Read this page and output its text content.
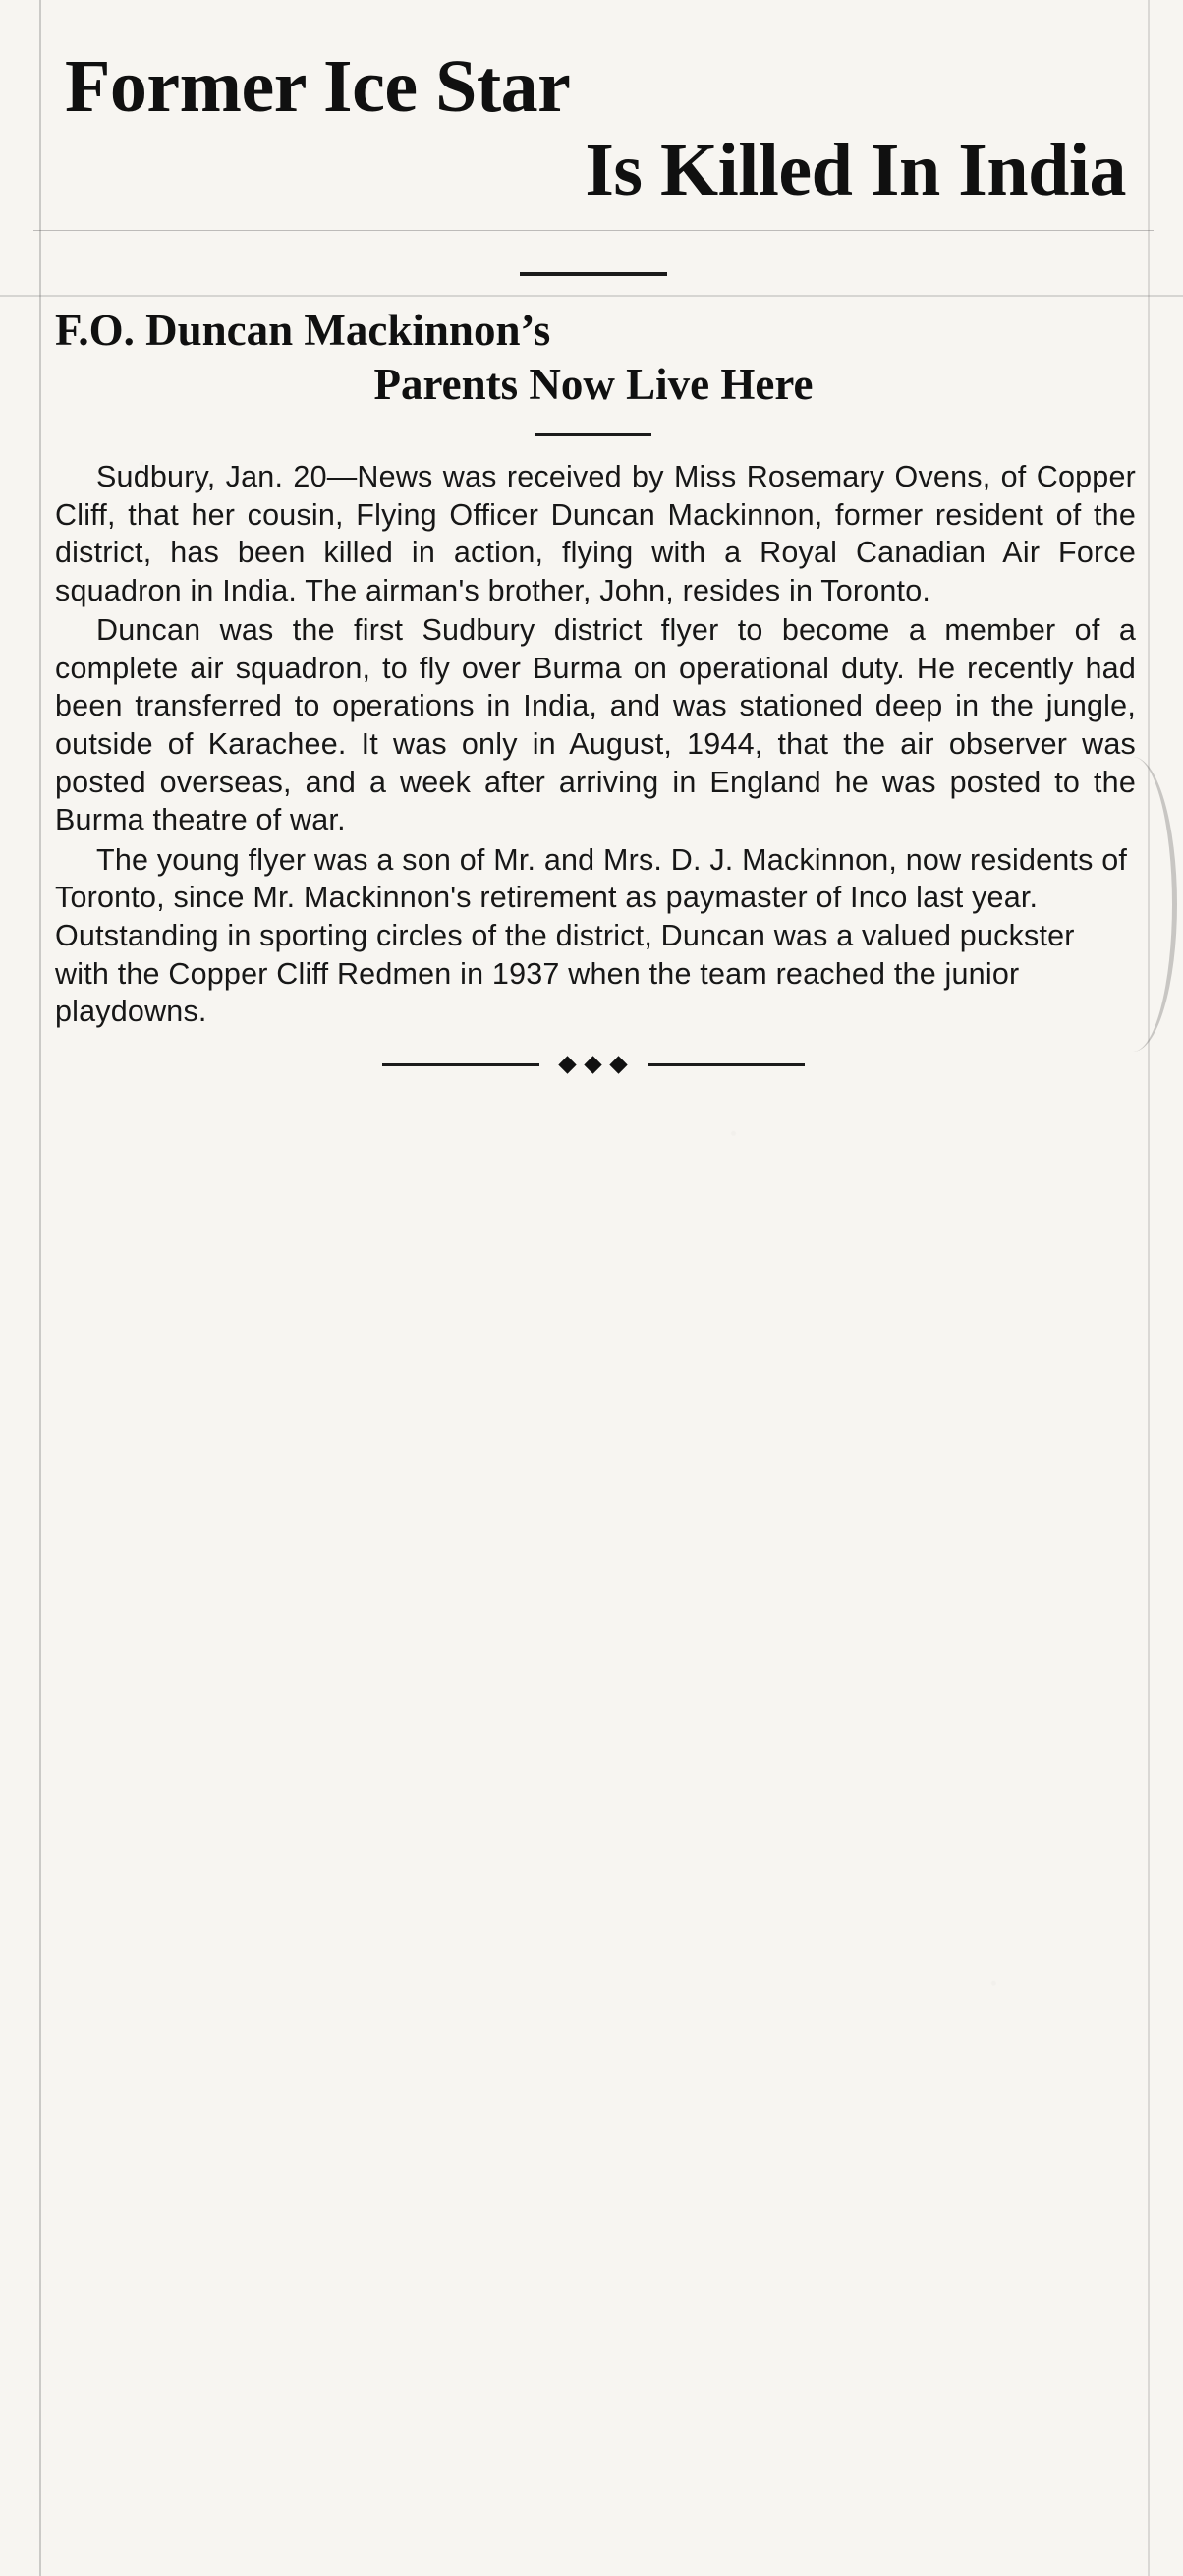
Former Ice Star
Is Killed In India
F.O. Duncan Mackinnon’s
Parents Now Live Here

Sudbury, Jan. 20—News was received by Miss Rosemary Ovens, of Copper Cliff, that her cousin, Flying Officer Duncan Mackinnon, former resident of the district, has been killed in action, flying with a Royal Canadian Air Force squadron in India. The airman's brother, John, resides in Toronto.

Duncan was the first Sudbury district flyer to become a member of a complete air squadron, to fly over Burma on operational duty. He recently had been transferred to operations in India, and was stationed deep in the jungle, outside of Karachee. It was only in August, 1944, that the air observer was posted overseas, and a week after arriving in England he was posted to the Burma theatre of war.

The young flyer was a son of Mr. and Mrs. D. J. Mackinnon, now residents of Toronto, since Mr. Mackinnon's retirement as paymaster of Inco last year. Outstanding in sporting circles of the district, Duncan was a valued puckster with the Copper Cliff Redmen in 1937 when the team reached the junior playdowns.
